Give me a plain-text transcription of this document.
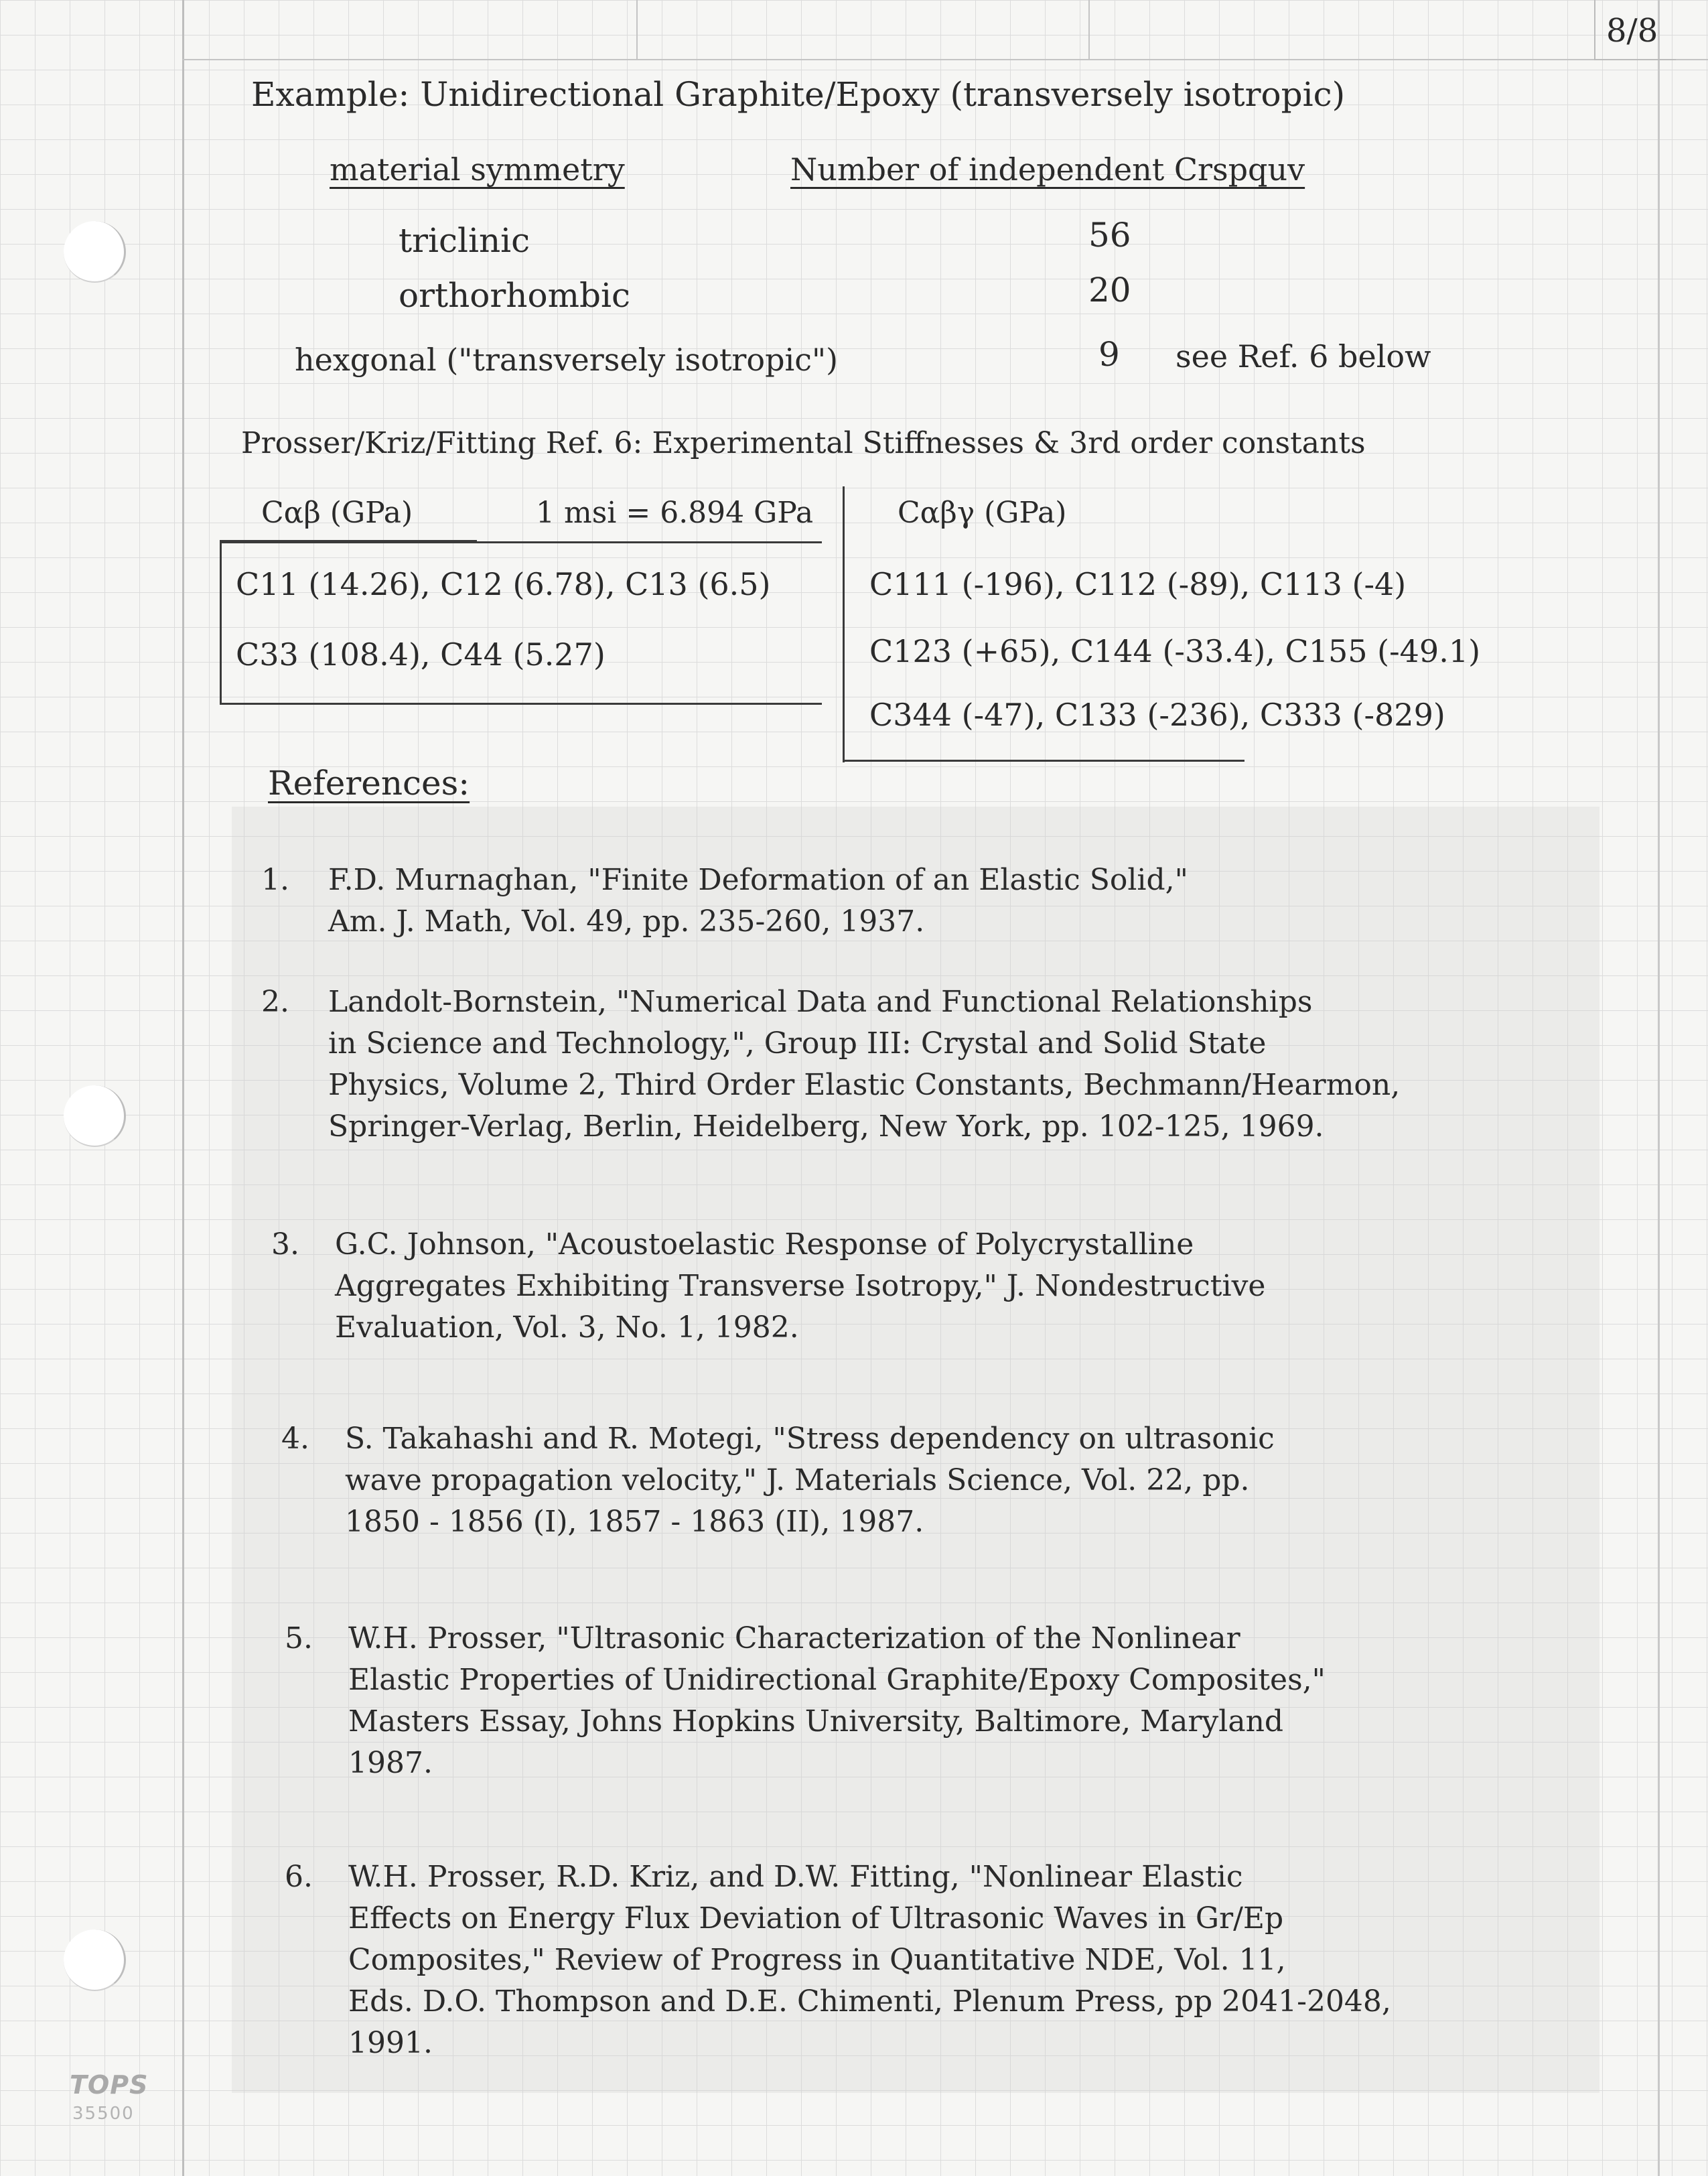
8/8
Example: Unidirectional Graphite/Epoxy (transversely isotropic)
material symmetry	Number of independent Crspquv
triclinic	56
orthorhombic	20
hexgonal ("transversely isotropic")	9 see Ref. 6 below
Prosser/Kriz/Fitting Ref. 6: Experimental Stiffnesses & 3rd order constants
Cαβ (GPa)	1 msi = 6.894 GPa
C11 (14.26), C12 (6.78), C13 (6.5)
C33 (108.4), C44 (5.27)
Cαβγ (GPa)
C111 (-196), C112 (-89), C113 (-4)
C123 (+65), C144 (-33.4), C155 (-49.1)
C344 (-47), C133 (-236), C333 (-829)
References:
1. F.D. Murnaghan, "Finite Deformation of an Elastic Solid,"
Am. J. Math, Vol. 49, pp. 235-260, 1937.
2. Landolt-Bornstein, "Numerical Data and Functional Relationships
in Science and Technology,", Group III: Crystal and Solid State
Physics, Volume 2, Third Order Elastic Constants, Bechmann/Hearmon,
Springer-Verlag, Berlin, Heidelberg, New York, pp. 102-125, 1969.
3. G.C. Johnson, "Acoustoelastic Response of Polycrystalline
Aggregates Exhibiting Transverse Isotropy," J. Nondestructive
Evaluation, Vol. 3, No. 1, 1982.
4. S. Takahashi and R. Motegi, "Stress dependency on ultrasonic
wave propagation velocity," J. Materials Science, Vol. 22, pp.
1850 - 1856 (I), 1857 - 1863 (II), 1987.
5. W.H. Prosser, "Ultrasonic Characterization of the Nonlinear
Elastic Properties of Unidirectional Graphite/Epoxy Composites,"
Masters Essay, Johns Hopkins University, Baltimore, Maryland
1987.
6. W.H. Prosser, R.D. Kriz, and D.W. Fitting, "Nonlinear Elastic
Effects on Energy Flux Deviation of Ultrasonic Waves in Gr/Ep
Composites," Review of Progress in Quantitative NDE, Vol. 11,
Eds. D.O. Thompson and D.E. Chimenti, Plenum Press, pp 2041-2048,
1991.
TOPS
35500
